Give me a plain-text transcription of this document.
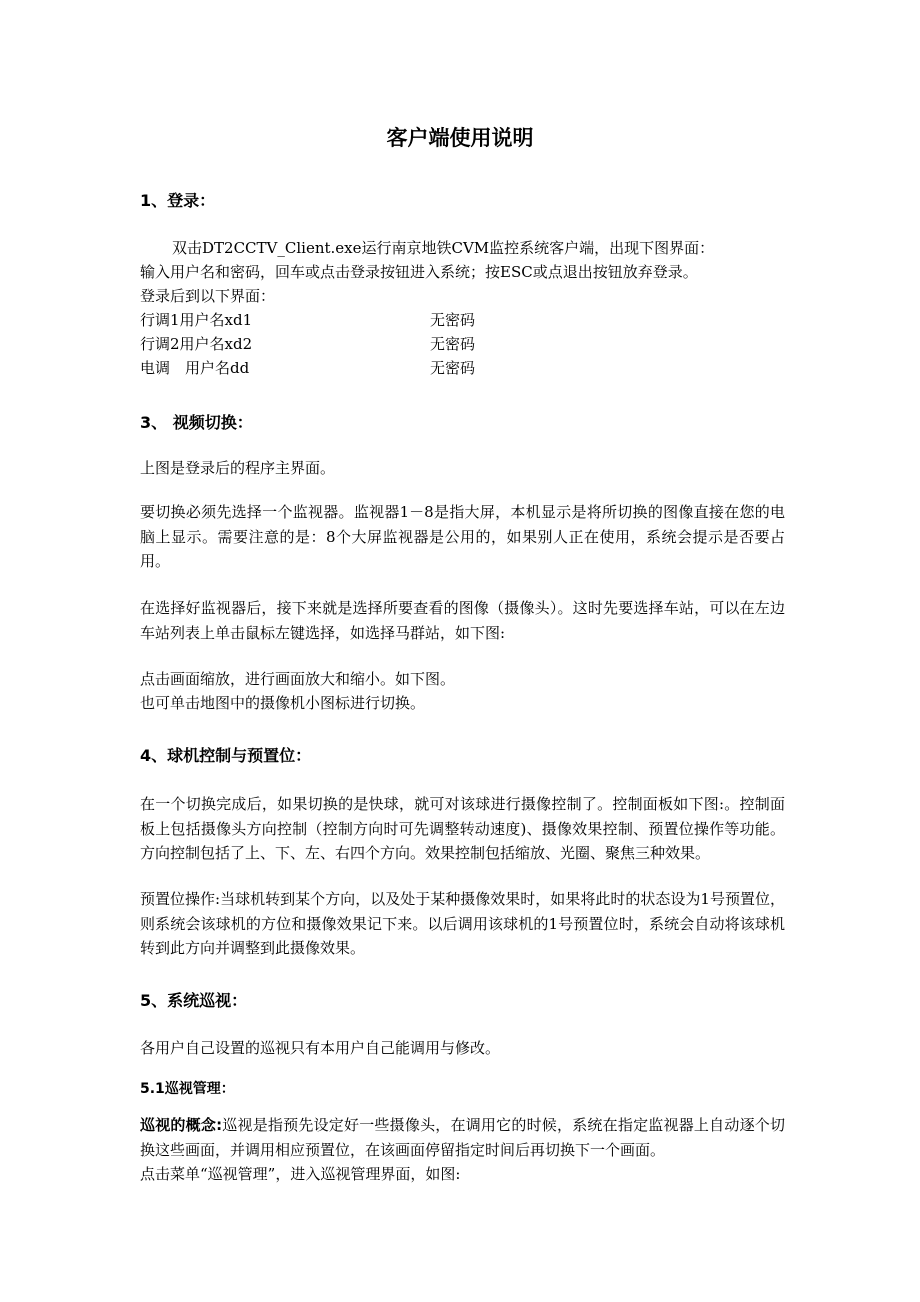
客户端使用说明
1、登录：
双击DT2CCTV_Client.exe运行南京地铁CVM监控系统客户端，出现下图界面：
输入用户名和密码，回车或点击登录按钮进入系统；按ESC或点退出按钮放弃登录。
登录后到以下界面：
行调1用户名xd1	无密码
行调2用户名xd2	无密码
电调　用户名dd	无密码
3、 视频切换：
上图是登录后的程序主界面。
要切换必须先选择一个监视器。监视器1－8是指大屏，本机显示是将所切换的图像直接在您的电脑上显示。需要注意的是：8个大屏监视器是公用的，如果别人正在使用，系统会提示是否要占用。
在选择好监视器后，接下来就是选择所要查看的图像（摄像头）。这时先要选择车站，可以在左边车站列表上单击鼠标左键选择，如选择马群站，如下图:
点击画面缩放，进行画面放大和缩小。如下图。
也可单击地图中的摄像机小图标进行切换。
4、球机控制与预置位：
在一个切换完成后，如果切换的是快球，就可对该球进行摄像控制了。控制面板如下图:。控制面板上包括摄像头方向控制（控制方向时可先调整转动速度)、摄像效果控制、预置位操作等功能。方向控制包括了上、下、左、右四个方向。效果控制包括缩放、光圈、聚焦三种效果。
预置位操作:当球机转到某个方向，以及处于某种摄像效果时，如果将此时的状态设为1号预置位，则系统会该球机的方位和摄像效果记下来。以后调用该球机的1号预置位时，系统会自动将该球机转到此方向并调整到此摄像效果。
5、系统巡视：
各用户自己设置的巡视只有本用户自己能调用与修改。
5.1巡视管理：
巡视的概念:巡视是指预先设定好一些摄像头，在调用它的时候，系统在指定监视器上自动逐个切换这些画面，并调用相应预置位，在该画面停留指定时间后再切换下一个画面。
点击菜单“巡视管理”，进入巡视管理界面，如图:
